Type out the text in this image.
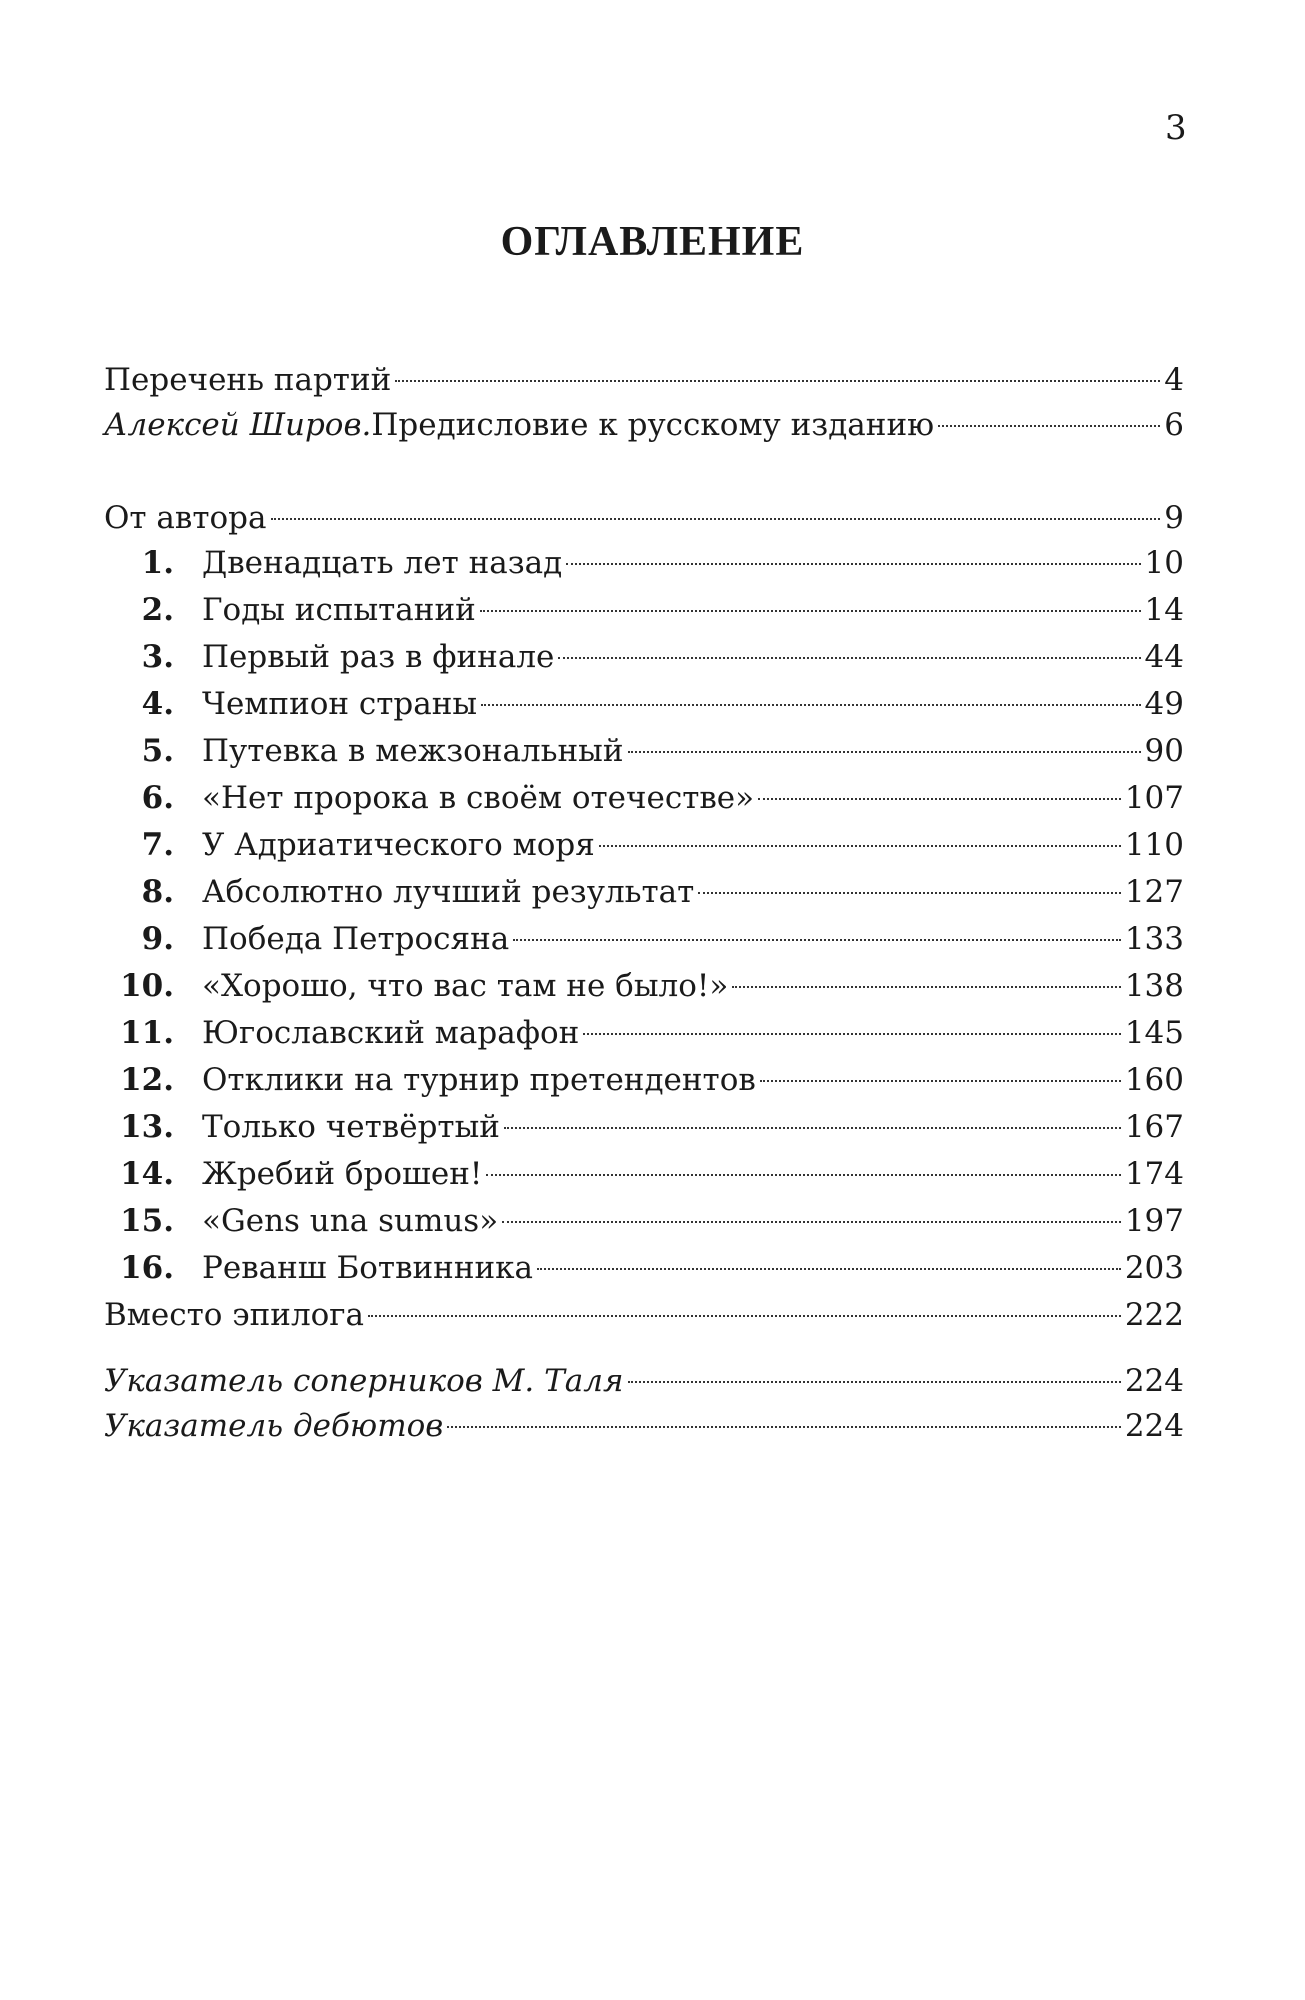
3
ОГЛАВЛЕНИЕ
Перечень партий	4
Алексей Широв. Предисловие к русскому изданию	6
От автора	9
1. Двенадцать лет назад	10
2. Годы испытаний	14
3. Первый раз в финале	44
4. Чемпион страны	49
5. Путевка в межзональный	90
6. «Нет пророка в своём отечестве»	107
7. У Адриатического моря	110
8. Абсолютно лучший результат	127
9. Победа Петросяна	133
10. «Хорошо, что вас там не было!»	138
11. Югославский марафон	145
12. Отклики на турнир претендентов	160
13. Только четвёртый	167
14. Жребий брошен!	174
15. «Gens una sumus»	197
16. Реванш Ботвинника	203
Вместо эпилога	222
Указатель соперников М. Таля	224
Указатель дебютов	224
